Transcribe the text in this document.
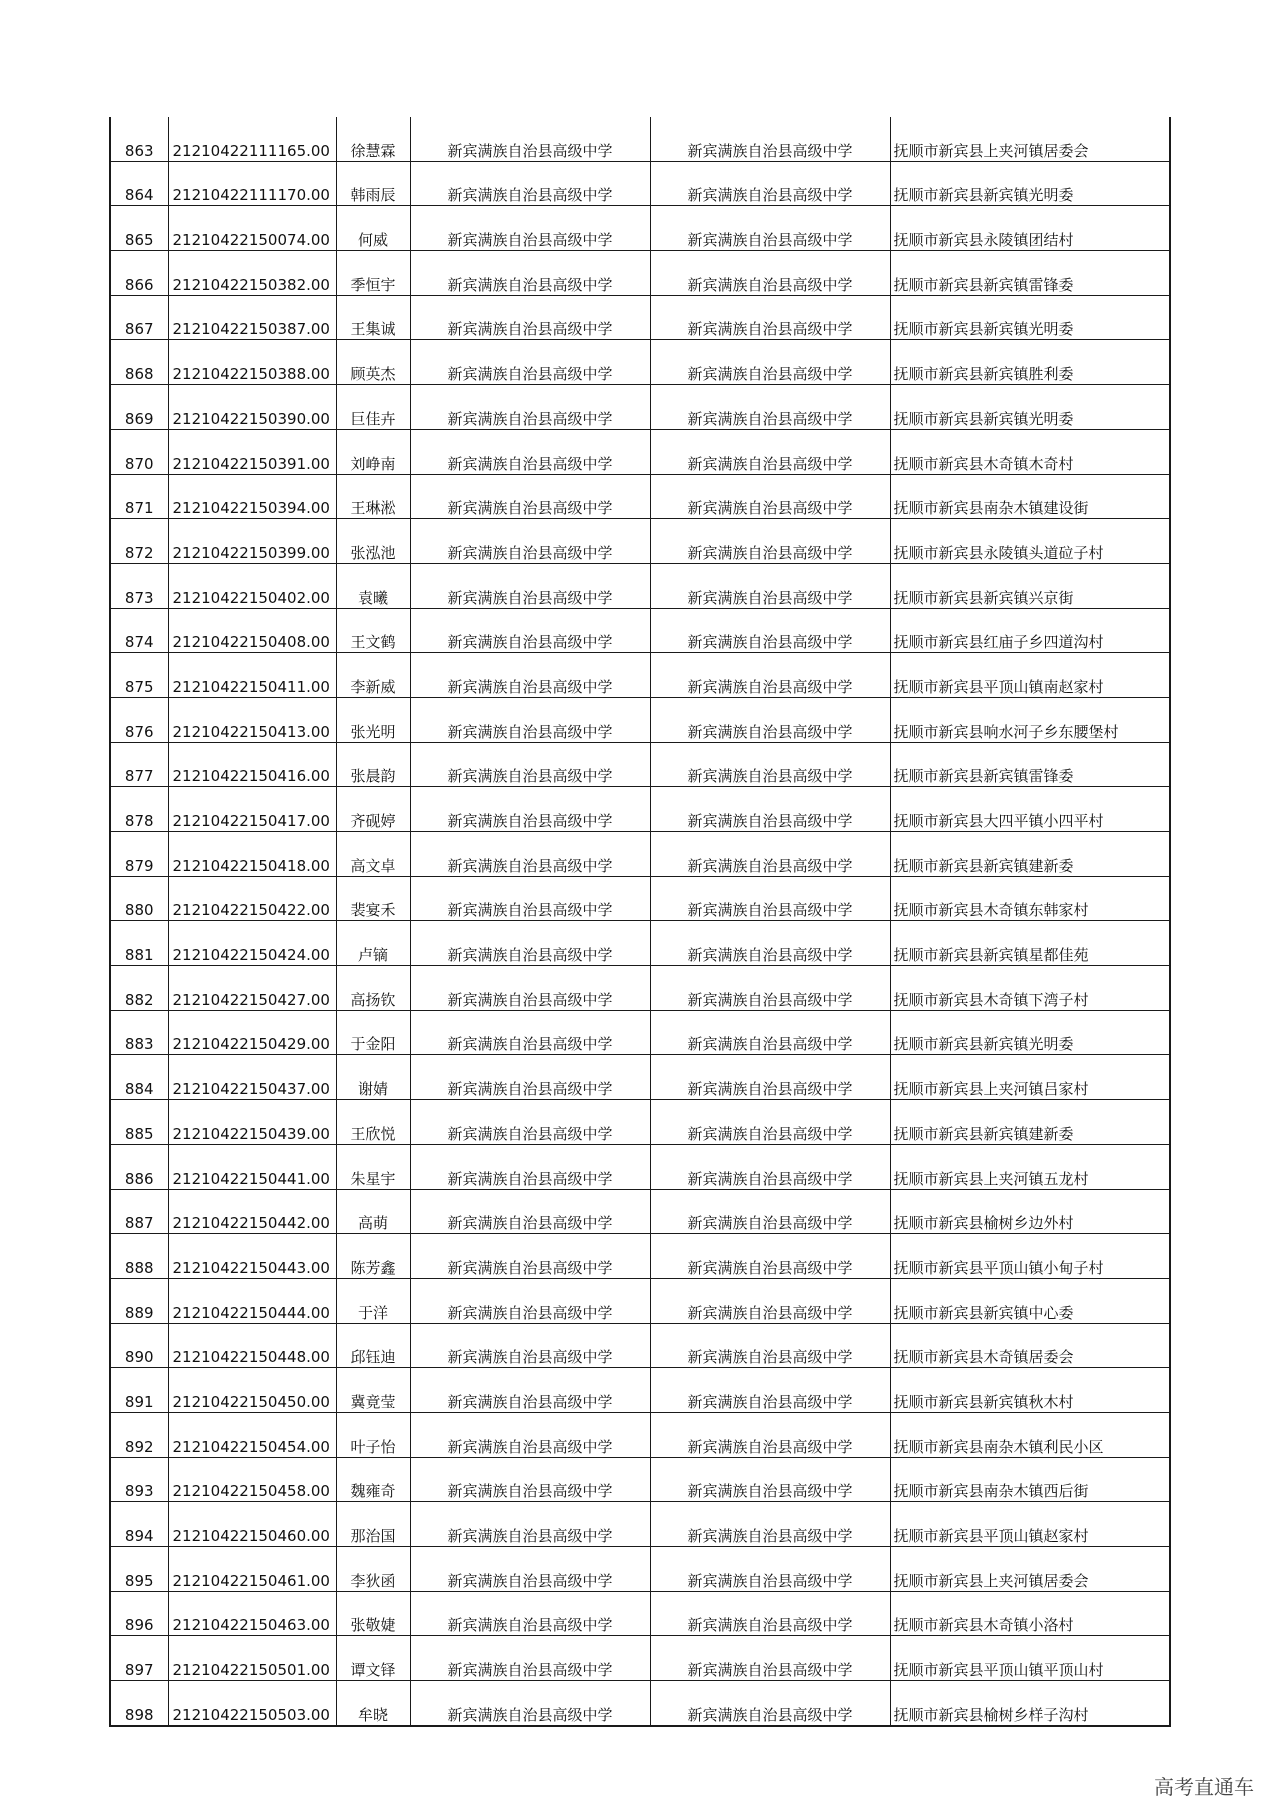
863	21210422111165.00	徐慧霖	新宾满族自治县高级中学	新宾满族自治县高级中学	抚顺市新宾县上夹河镇居委会
864	21210422111170.00	韩雨辰	新宾满族自治县高级中学	新宾满族自治县高级中学	抚顺市新宾县新宾镇光明委
865	21210422150074.00	何威	新宾满族自治县高级中学	新宾满族自治县高级中学	抚顺市新宾县永陵镇团结村
866	21210422150382.00	季恒宇	新宾满族自治县高级中学	新宾满族自治县高级中学	抚顺市新宾县新宾镇雷锋委
867	21210422150387.00	王集诚	新宾满族自治县高级中学	新宾满族自治县高级中学	抚顺市新宾县新宾镇光明委
868	21210422150388.00	顾英杰	新宾满族自治县高级中学	新宾满族自治县高级中学	抚顺市新宾县新宾镇胜利委
869	21210422150390.00	巨佳卉	新宾满族自治县高级中学	新宾满族自治县高级中学	抚顺市新宾县新宾镇光明委
870	21210422150391.00	刘峥南	新宾满族自治县高级中学	新宾满族自治县高级中学	抚顺市新宾县木奇镇木奇村
871	21210422150394.00	王琳淞	新宾满族自治县高级中学	新宾满族自治县高级中学	抚顺市新宾县南杂木镇建设街
872	21210422150399.00	张泓池	新宾满族自治县高级中学	新宾满族自治县高级中学	抚顺市新宾县永陵镇头道砬子村
873	21210422150402.00	袁曦	新宾满族自治县高级中学	新宾满族自治县高级中学	抚顺市新宾县新宾镇兴京街
874	21210422150408.00	王文鹤	新宾满族自治县高级中学	新宾满族自治县高级中学	抚顺市新宾县红庙子乡四道沟村
875	21210422150411.00	李新威	新宾满族自治县高级中学	新宾满族自治县高级中学	抚顺市新宾县平顶山镇南赵家村
876	21210422150413.00	张光明	新宾满族自治县高级中学	新宾满族自治县高级中学	抚顺市新宾县响水河子乡东腰堡村
877	21210422150416.00	张晨韵	新宾满族自治县高级中学	新宾满族自治县高级中学	抚顺市新宾县新宾镇雷锋委
878	21210422150417.00	齐砚婷	新宾满族自治县高级中学	新宾满族自治县高级中学	抚顺市新宾县大四平镇小四平村
879	21210422150418.00	高文卓	新宾满族自治县高级中学	新宾满族自治县高级中学	抚顺市新宾县新宾镇建新委
880	21210422150422.00	裴宴禾	新宾满族自治县高级中学	新宾满族自治县高级中学	抚顺市新宾县木奇镇东韩家村
881	21210422150424.00	卢镝	新宾满族自治县高级中学	新宾满族自治县高级中学	抚顺市新宾县新宾镇星都佳苑
882	21210422150427.00	高扬钦	新宾满族自治县高级中学	新宾满族自治县高级中学	抚顺市新宾县木奇镇下湾子村
883	21210422150429.00	于金阳	新宾满族自治县高级中学	新宾满族自治县高级中学	抚顺市新宾县新宾镇光明委
884	21210422150437.00	谢婧	新宾满族自治县高级中学	新宾满族自治县高级中学	抚顺市新宾县上夹河镇吕家村
885	21210422150439.00	王欣悦	新宾满族自治县高级中学	新宾满族自治县高级中学	抚顺市新宾县新宾镇建新委
886	21210422150441.00	朱星宇	新宾满族自治县高级中学	新宾满族自治县高级中学	抚顺市新宾县上夹河镇五龙村
887	21210422150442.00	高萌	新宾满族自治县高级中学	新宾满族自治县高级中学	抚顺市新宾县榆树乡边外村
888	21210422150443.00	陈芳鑫	新宾满族自治县高级中学	新宾满族自治县高级中学	抚顺市新宾县平顶山镇小甸子村
889	21210422150444.00	于洋	新宾满族自治县高级中学	新宾满族自治县高级中学	抚顺市新宾县新宾镇中心委
890	21210422150448.00	邱钰迪	新宾满族自治县高级中学	新宾满族自治县高级中学	抚顺市新宾县木奇镇居委会
891	21210422150450.00	冀竟莹	新宾满族自治县高级中学	新宾满族自治县高级中学	抚顺市新宾县新宾镇秋木村
892	21210422150454.00	叶子怡	新宾满族自治县高级中学	新宾满族自治县高级中学	抚顺市新宾县南杂木镇利民小区
893	21210422150458.00	魏雍奇	新宾满族自治县高级中学	新宾满族自治县高级中学	抚顺市新宾县南杂木镇西后街
894	21210422150460.00	那治国	新宾满族自治县高级中学	新宾满族自治县高级中学	抚顺市新宾县平顶山镇赵家村
895	21210422150461.00	李狄函	新宾满族自治县高级中学	新宾满族自治县高级中学	抚顺市新宾县上夹河镇居委会
896	21210422150463.00	张敬婕	新宾满族自治县高级中学	新宾满族自治县高级中学	抚顺市新宾县木奇镇小洛村
897	21210422150501.00	谭文铎	新宾满族自治县高级中学	新宾满族自治县高级中学	抚顺市新宾县平顶山镇平顶山村
898	21210422150503.00	牟晓	新宾满族自治县高级中学	新宾满族自治县高级中学	抚顺市新宾县榆树乡样子沟村
高考直通车
